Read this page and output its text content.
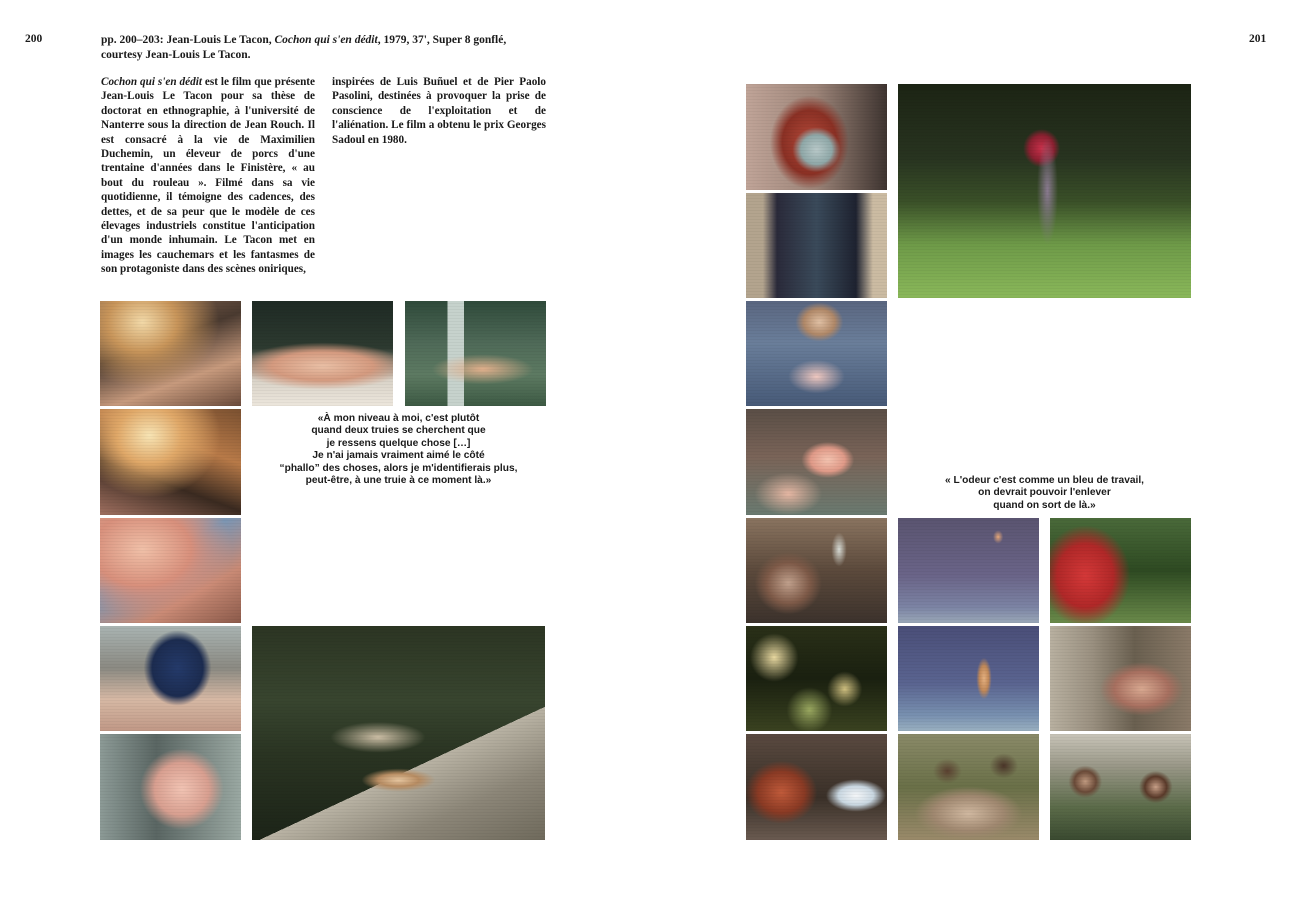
200	pp. 200–203: Jean-Louis Le Tacon, Cochon qui s'en dédit, 1979, 37', Super 8 gonflé, courtesy Jean-Louis Le Tacon.
Cochon qui s'en dédit est le film que présente Jean-Louis Le Tacon pour sa thèse de doctorat en ethnographie, à l'université de Nanterre sous la direction de Jean Rouch. Il est consacré à la vie de Maximilien Duchemin, un éleveur de porcs d'une trentaine d'années dans le Finistère, « au bout du rouleau ». Filmé dans sa vie quotidienne, il témoigne des cadences, des dettes, et de sa peur que le modèle de ces élevages industriels constitue l'anticipation d'un monde inhumain. Le Tacon met en images les cauchemars et les fantasmes de son protagoniste dans des scènes oniriques,
inspirées de Luis Buñuel et de Pier Paolo Pasolini, destinées à provoquer la prise de conscience de l'exploitation et de l'aliénation. Le film a obtenu le prix Georges Sadoul en 1980.
«À mon niveau à moi, c'est plutôt
quand deux truies se cherchent que
je ressens quelque chose […]
Je n'ai jamais vraiment aimé le côté
“phallo” des choses, alors je m'identifierais plus,
peut-être, à une truie à ce moment là.»
201
« L'odeur c'est comme un bleu de travail,
on devrait pouvoir l'enlever
quand on sort de là.»
